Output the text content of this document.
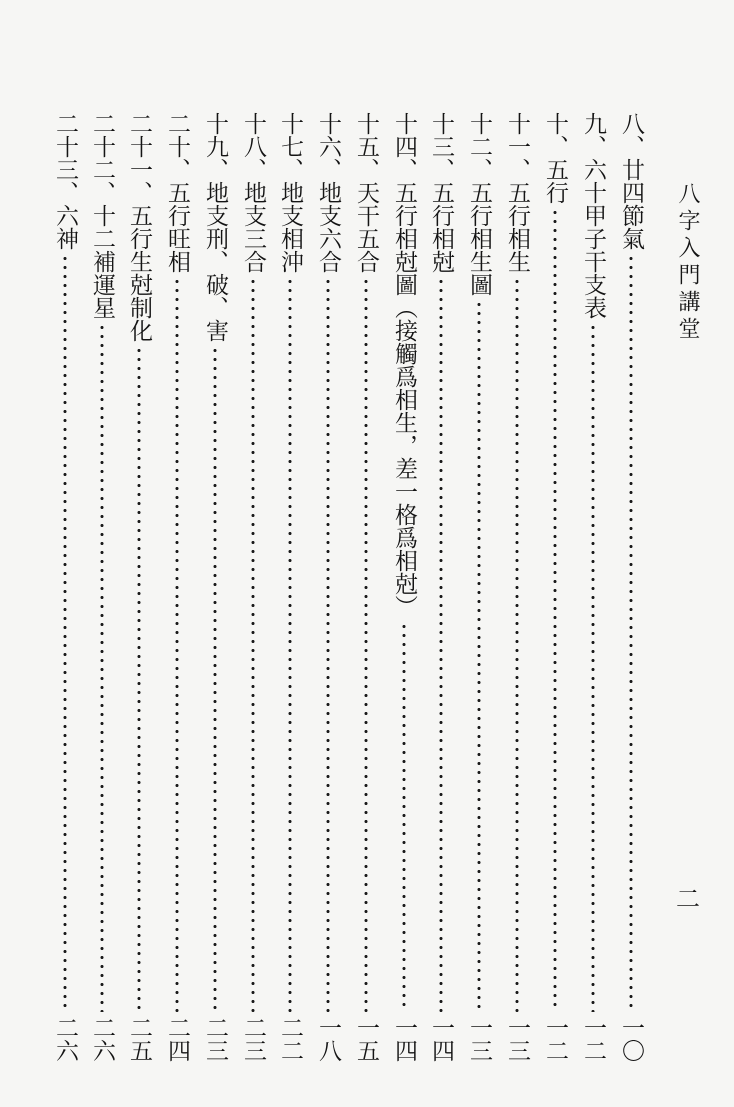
八字入門講堂
八、廿四節氣
一〇
九、六十甲子干支表
一二
十、五行
一二
十一、五行相生
一三
十二、五行相生圖
一三
十三、五行相尅
一四
十四、五行相尅圖（接觸爲相生，差一格爲相尅）
一四
十五、天干五合
一五
十六、地支六合
一八
十七、地支相沖
二二
十八、地支三合
二三
十九、地支刑、破、害
二三
二十、五行旺相
二四
二十一、五行生尅制化
二五
二十二、十二補運星
二六
二十三、六神
二六
二
